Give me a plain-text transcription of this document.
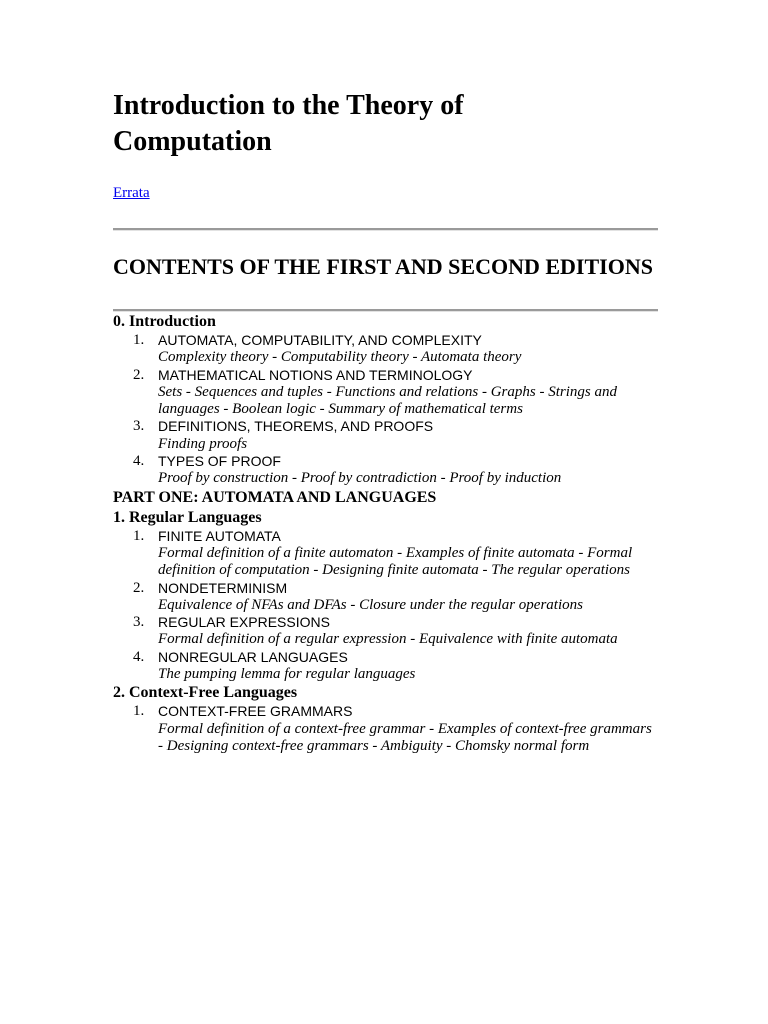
Introduction to the Theory of Computation
Errata
CONTENTS OF THE FIRST AND SECOND EDITIONS
0. Introduction
1. AUTOMATA, COMPUTABILITY, AND COMPLEXITY
Complexity theory - Computability theory - Automata theory
2. MATHEMATICAL NOTIONS AND TERMINOLOGY
Sets - Sequences and tuples - Functions and relations - Graphs - Strings and languages - Boolean logic - Summary of mathematical terms
3. DEFINITIONS, THEOREMS, AND PROOFS
Finding proofs
4. TYPES OF PROOF
Proof by construction - Proof by contradiction - Proof by induction
PART ONE: AUTOMATA AND LANGUAGES
1. Regular Languages
1. FINITE AUTOMATA
Formal definition of a finite automaton - Examples of finite automata - Formal definition of computation - Designing finite automata - The regular operations
2. NONDETERMINISM
Equivalence of NFAs and DFAs - Closure under the regular operations
3. REGULAR EXPRESSIONS
Formal definition of a regular expression - Equivalence with finite automata
4. NONREGULAR LANGUAGES
The pumping lemma for regular languages
2. Context-Free Languages
1. CONTEXT-FREE GRAMMARS
Formal definition of a context-free grammar - Examples of context-free grammars - Designing context-free grammars - Ambiguity - Chomsky normal form
